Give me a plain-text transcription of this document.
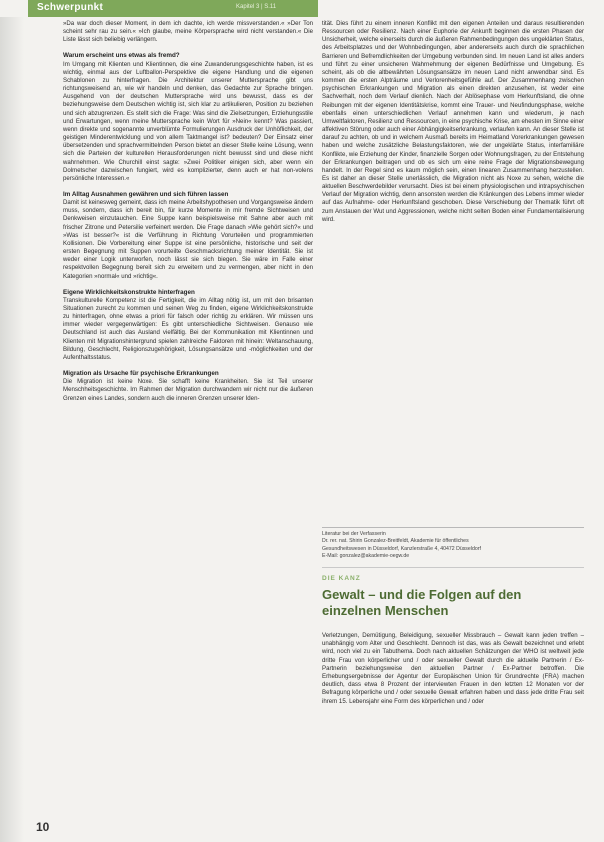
Schwerpunkt	Kapitel 3 | S.11

»Da war doch dieser Moment, in dem ich dachte, ich werde missverstanden.« »Der Ton scheint sehr rau zu sein.« »Ich glaube, meine Körpersprache wird nicht verstanden.« Die Liste lässt sich beliebig verlängern.

Warum erscheint uns etwas als fremd?

Im Umgang mit Klienten und Klientinnen, die eine Zuwanderungsgeschichte haben, ist es wichtig, einmal aus der Luftballon-Perspektive die eigene Handlung und die eigenen Schablonen zu hinterfragen. Die Architektur unserer Muttersprache gibt uns richtungsweisend an, wie wir handeln und denken, das Gedachte zur Sprache bringen. Ausgehend von der deutschen Muttersprache wird uns bewusst, dass es der beziehungsweise dem Deutschen wichtig ist, sich klar zu artikulieren, Position zu beziehen und sich abzugrenzen. Es stellt sich die Frage: Was sind die Zielsetzungen, Erziehungsstile und Erwartungen, wenn meine Muttersprache kein Wort für »Nein« kennt? Was passiert, wenn direkte und sogenannte unverblümte Formulierungen Ausdruck der Unhöflichkeit, der geistigen Minderentwicklung und von allem Taktmangel ist? bedeuten? Der Einsatz einer übersetzenden und sprachvermittelnden Person bietet an dieser Stelle keine Lösung, wenn sich die Parteien der kulturellen Herausforderungen nicht bewusst sind und diese nicht wahrnehmen. Wie Churchill einst sagte: »Zwei Politiker einigen sich, aber wenn ein Dolmetscher dazwischen fungiert, wird es komplizierter, denn auch er hat non-volens persönliche Interessen.«

Im Alltag Ausnahmen gewähren und sich führen lassen

Damit ist keinesweg gemeint, dass ich meine Arbeitshypothesen und Vorgangsweise ändern muss, sondern, dass ich bereit bin, für kurze Momente in mir fremde Sichtweisen und Denkweisen einzutauchen. Eine Suppe kann beispielsweise mit Sahne aber auch mit frischer Zitrone und Petersilie verfeinert werden. Die Frage danach »Wie gehört sich?« und »Was ist besser?« ist die Verführung in Richtung Vorurteilen und programmierten Kollisionen. Die Vorbereitung einer Suppe ist eine persönliche, historische und seit der ersten Begegnung mit Suppen vorurteilte Geschmacksrichtung meiner Identität. Sie ist weder einer Logik unterworfen, noch lässt sie sich biegen. Sie wäre im Falle einer respektvollen Begegnung bereit sich zu erweitern und zu vermengen, aber nicht in den Kategorien »normal« und »richtig«.

Eigene Wirklichkeitskonstrukte hinterfragen

Transkulturelle Kompetenz ist die Fertigkeit, die im Alltag nötig ist, um mit den brisanten Situationen zurecht zu kommen und seinen Weg zu finden, eigene Wirklichkeitskonstrukte zu hinterfragen, ohne etwas a priori für falsch oder richtig zu erklären. Wir müssen uns immer wieder vergegenwärtigen: Es gibt unterschiedliche Sichtweisen. Genauso wie Deutschland ist auch das Ausland vielfältig. Bei der Kommunikation mit Klientinnen und Klienten mit Migrationshintergrund spielen zahlreiche Faktoren mit hinein: Weltanschauung, Bildung, Geschlecht, Religionszugehörigkeit, Lösungsansätze und -möglichkeiten und der Aufenthaltsstatus.

Migration als Ursache für psychische Erkrankungen

Die Migration ist keine Noxe. Sie schafft keine Krankheiten. Sie ist Teil unserer Menschheitsgeschichte. Im Rahmen der Migration durchwandern wir nicht nur die äußeren Grenzen eines Landes, sondern auch die inneren Grenzen unserer Iden-

tität. Dies führt zu einem inneren Konflikt mit den eigenen Anteilen und daraus resultierenden Ressourcen oder Resilienz. Nach einer Euphorie der Ankunft beginnen die ersten Phasen der Unsicherheit, welche einerseits durch die äußeren Rahmenbedingungen des ungeklärten Status, des Arbeitsplatzes und der Wohnbedingungen, aber andererseits auch durch die sprachlichen Barrieren und Befremdlichkeiten der Umgebung verbunden sind. Im neuen Land ist alles anders und führt zu einer unsicheren Wahrnehmung der eigenen Bedürfnisse und Umgebung. Es scheint, als ob die altbewährten Lösungsansätze im neuen Land nicht anwendbar sind. Es kommen die ersten Alpträume und Verlorenheitsgefühle auf. Der Zusammenhang zwischen psychischen Erkrankungen und Migration als einen direkten anzusehen, ist weder eine Sachverhalt, noch dem Verlauf dienlich. Nach der Ablösephase vom Herkunftsland, die ohne Reibungen mit der eigenen Identitätskrise, kommt eine Trauer- und Neufindungsphase, welche ebenfalls einen unterschiedlichen Verlauf annehmen kann und wiederum, je nach Umweltfaktoren, Resilienz und Ressourcen, in eine psychische Krise, am ehesten im Sinne einer affektiven Störung oder auch einer Abhängigkeitserkrankung, verlaufen kann. An dieser Stelle ist darauf zu achten, ob und in welchem Ausmaß bereits im Heimatland Vorerkrankungen gewesen haben und welche zusätzliche Belastungsfaktoren, wie der ungeklärte Status, interfamiliäre Konflikte, wie Erziehung der Kinder, finanzielle Sorgen oder Wohnungsfragen, zu der Entstehung der Erkrankungen beitragen und ob es sich um eine reine Frage der Migrationsbewegung handelt. In der Regel sind es kaum möglich sein, einen linearen Zusammenhang herzustellen. Es ist daher an dieser Stelle unerlässlich, die Migration nicht als Noxe zu sehen, welche die aktuellen Beschwerdebilder verursacht. Dies ist bei einem physiologischen und intrapsychischen Verlauf der Migration wichtig, denn ansonsten werden die Kränkungen des Lebens immer wieder auf das Aufnahme- oder Herkunftsland geschoben. Diese Verschiebung der Thematik führt oft zum Anstauen der Wut und Aggressionen, welche nicht selten Boden einer Fundamentalisierung wird.

Literatur bei der Verfasserin
Dr. rer. nat. Shirin Gonzalez-Breitfeldt, Akademie für öffentliches
Gesundheitswesen in Düsseldorf, Kanzlerstraße 4, 40472 Düsseldorf
E-Mail: gonzalez@akademie-oegw.de
DIE KANZ
Gewalt – und die Folgen auf den einzelnen Menschen

Verletzungen, Demütigung, Beleidigung, sexueller Missbrauch – Gewalt kann jeden treffen – unabhängig vom Alter und Geschlecht. Dennoch ist das, was als Gewalt bezeichnet und erlebt wird, noch viel zu ein Tabuthema. Doch nach aktuellen Schätzungen der WHO ist weltweit jede dritte Frau von körperlicher und / oder sexueller Gewalt durch die aktuelle Partnerin / Ex-Partnerin beziehungsweise den aktuellen Partner / Ex-Partner betroffen. Die Erhebungsergebnisse der Agentur der Europäischen Union für Grundrechte (FRA) machen deutlich, dass etwa 8 Prozent der interviewten Frauen in den letzten 12 Monaten vor der Befragung körperliche und / oder sexuelle Gewalt erfahren haben und dass jede dritte Frau seit ihrem 15. Lebensjahr eine Form des körperlichen und / oder

10
